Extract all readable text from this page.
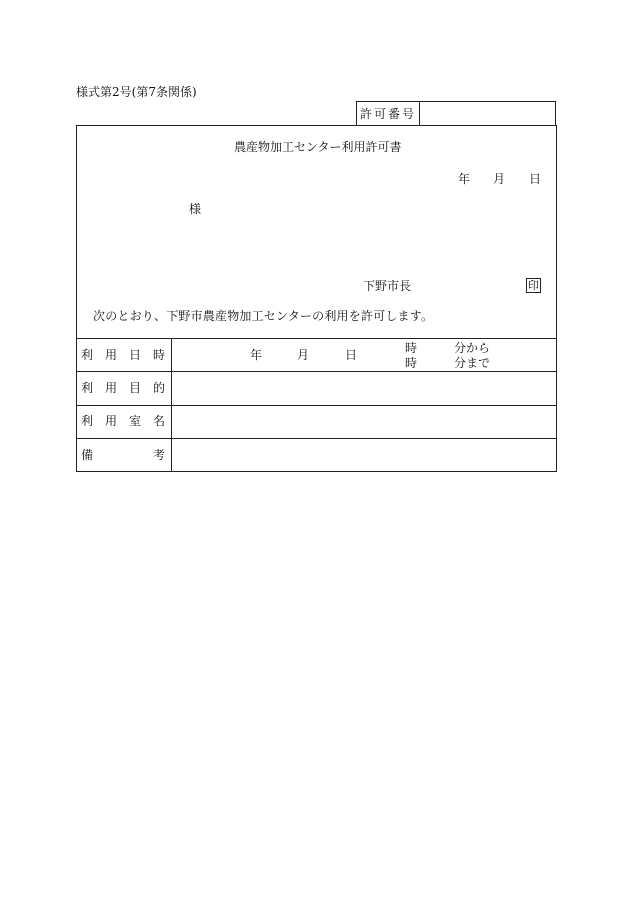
様式第2号(第7条関係)
許可番号
農産物加工センター利用許可書
年 月 日
様
下野市長	印
次のとおり、下野市農産物加工センターの利用を許可します。
利 用 日 時	年	月	日	時	分から
時	分まで
利 用 目 的
利 用 室 名
備	考
